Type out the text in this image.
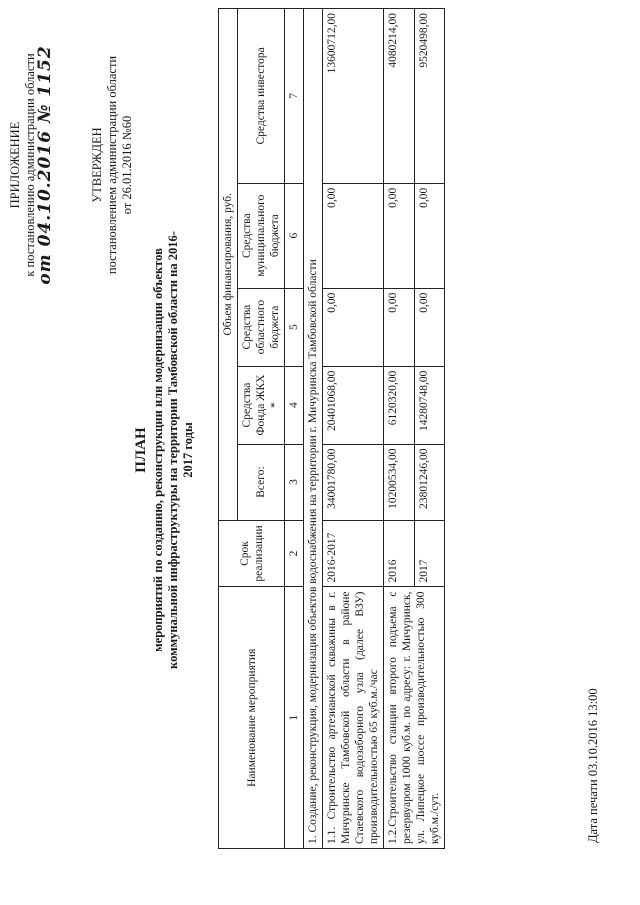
ПРИЛОЖЕНИЕ к постановлению администрации области
от 04.10.2016 № 1152	УТВЕРЖДЕН постановлением администрации области от 26.01.2016 №60
ПЛАН мероприятий по созданию, реконструкции или модернизации объектов коммунальной инфраструктуры на территории Тамбовской области на 2016-2017 годы
Наименование мероприятия	Срок реализации	Объем финансирования, руб.				
		Всего:	Средства Фонда ЖКХ *	Средства областного бюджета	Средства муниципального бюджета	Средства инвестора
1	2	3	4	5	6	7
1. Создание, реконструкция, модернизация объектов водоснабжения на территории г. Мичуринска Тамбовской области						
1.1. Строительство артезианской скважины в г. Мичуринске Тамбовской области в районе Стаевского водозаборного узла (далее ВЗУ) производительностью 65 куб.м./час	2016-2017	34001780,00	20401068,00	0,00	0,00	13600712,00
1.2.Строительство станции второго подъема с резервуаром 1000 куб.м. по адресу: г. Мичуринск, ул. Липецкое шоссе производительностью 300 куб.м./сут.	2016	10200534,00	6120320,00	0,00	0,00	4080214,00
	2017	23801246,00	14280748,00	0,00	0,00	9520498,00
Дата печати 03.10.2016 13:00
